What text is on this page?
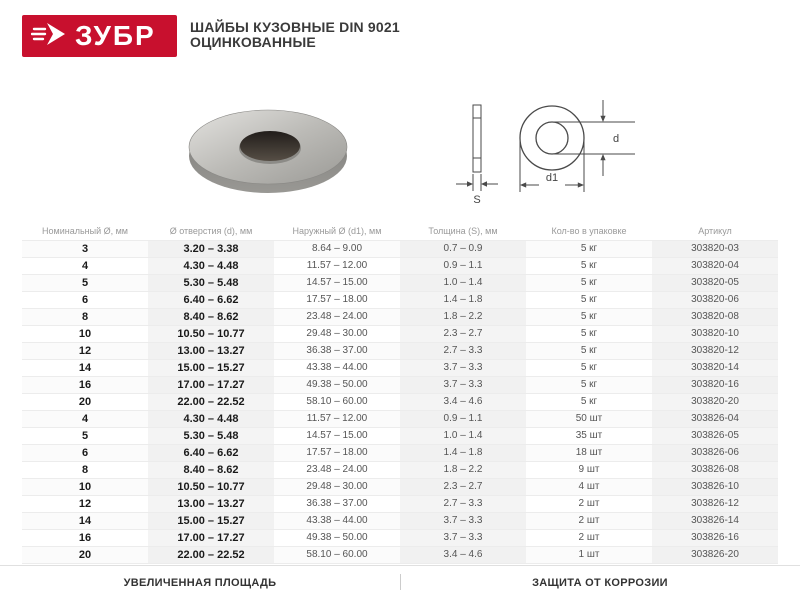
ЗУБР ШАЙБЫ КУЗОВНЫЕ DIN 9021
ОЦИНКОВАННЫЕ
S
d
d1
Номинальный Ø, мм	Ø отверстия (d), мм	Наружный Ø (d1), мм	Толщина (S), мм	Кол-во в упаковке	Артикул
3	3.20 – 3.38	8.64 – 9.00	0.7 – 0.9	5 кг	303820-03
4	4.30 – 4.48	11.57 – 12.00	0.9 – 1.1	5 кг	303820-04
5	5.30 – 5.48	14.57 – 15.00	1.0 – 1.4	5 кг	303820-05
6	6.40 – 6.62	17.57 – 18.00	1.4 – 1.8	5 кг	303820-06
8	8.40 – 8.62	23.48 – 24.00	1.8 – 2.2	5 кг	303820-08
10	10.50 – 10.77	29.48 – 30.00	2.3 – 2.7	5 кг	303820-10
12	13.00 – 13.27	36.38 – 37.00	2.7 – 3.3	5 кг	303820-12
14	15.00 – 15.27	43.38 – 44.00	3.7 – 3.3	5 кг	303820-14
16	17.00 – 17.27	49.38 – 50.00	3.7 – 3.3	5 кг	303820-16
20	22.00 – 22.52	58.10 – 60.00	3.4 – 4.6	5 кг	303820-20
4	4.30 – 4.48	11.57 – 12.00	0.9 – 1.1	50 шт	303826-04
5	5.30 – 5.48	14.57 – 15.00	1.0 – 1.4	35 шт	303826-05
6	6.40 – 6.62	17.57 – 18.00	1.4 – 1.8	18 шт	303826-06
8	8.40 – 8.62	23.48 – 24.00	1.8 – 2.2	9 шт	303826-08
10	10.50 – 10.77	29.48 – 30.00	2.3 – 2.7	4 шт	303826-10
12	13.00 – 13.27	36.38 – 37.00	2.7 – 3.3	2 шт	303826-12
14	15.00 – 15.27	43.38 – 44.00	3.7 – 3.3	2 шт	303826-14
16	17.00 – 17.27	49.38 – 50.00	3.7 – 3.3	2 шт	303826-16
20	22.00 – 22.52	58.10 – 60.00	3.4 – 4.6	1 шт	303826-20
УВЕЛИЧЕННАЯ ПЛОЩАДЬ	ЗАЩИТА ОТ КОРРОЗИИ
